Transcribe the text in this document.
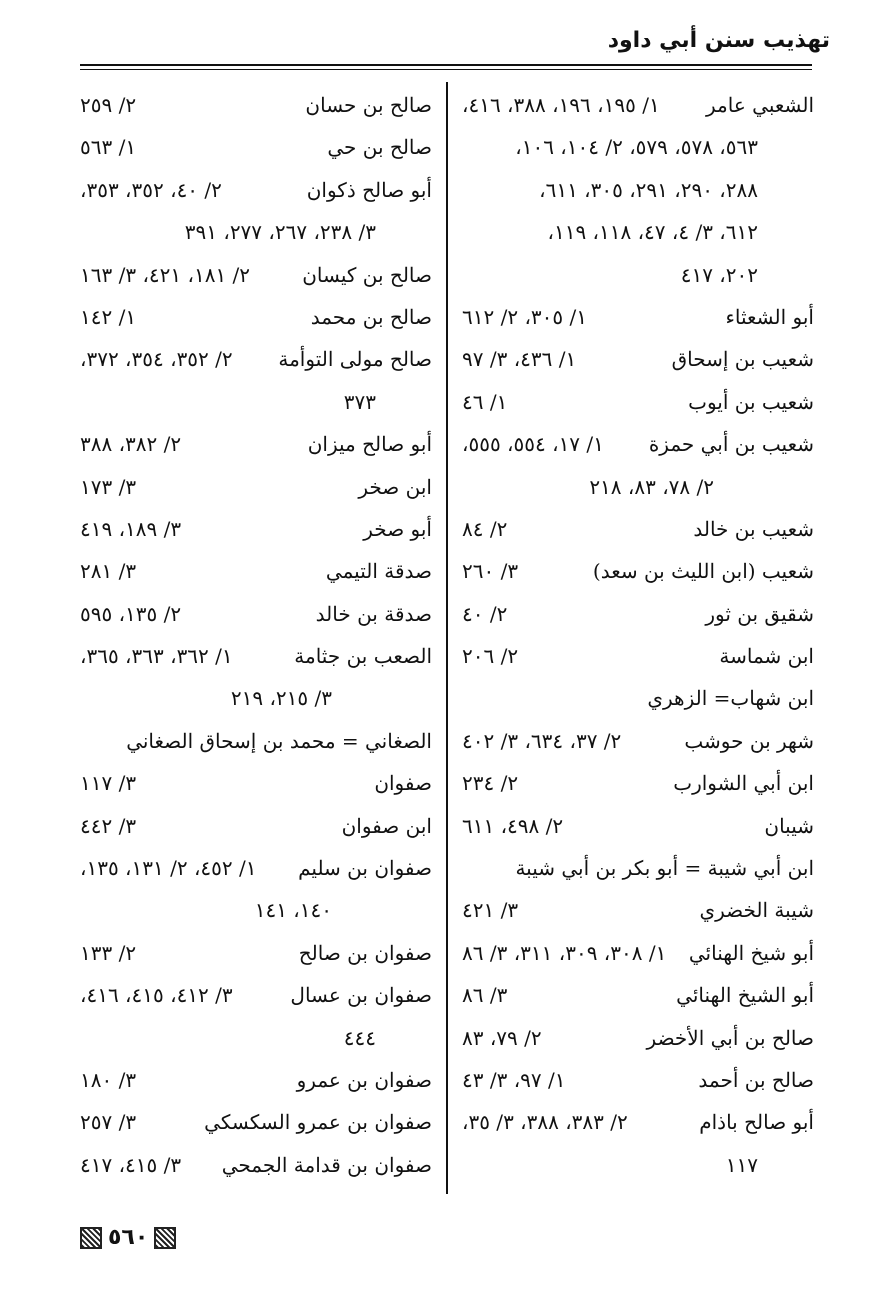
تهذيب سنن أبي داود
الشعبي عامر
١/ ١٩٥، ١٩٦، ٣٨٨، ٤١٦،
٥٦٣، ٥٧٨، ٥٧٩، ٢/ ١٠٤، ١٠٦،
٢٨٨، ٢٩٠، ٢٩١، ٣٠٥، ٦١١،
٦١٢، ٣/ ٤، ٤٧، ١١٨، ١١٩،
٢٠٢، ٤١٧
أبو الشعثاء
١/ ٣٠٥، ٢/ ٦١٢
شعيب بن إسحاق
١/ ٤٣٦، ٣/ ٩٧
شعيب بن أيوب
١/ ٤٦
شعيب بن أبي حمزة
١/ ١٧، ٥٥٤، ٥٥٥،
٢/ ٧٨، ٨٣، ٢١٨
شعيب بن خالد
٢/ ٨٤
شعيب (ابن الليث بن سعد)
٣/ ٢٦٠
شقيق بن ثور
٢/ ٤٠
ابن شماسة
٢/ ٢٠٦
ابن شهاب= الزهري
شهر بن حوشب
٢/ ٣٧، ٦٣٤، ٣/ ٤٠٢
ابن أبي الشوارب
٢/ ٢٣٤
شيبان
٢/ ٤٩٨، ٦١١
ابن أبي شيبة = أبو بكر بن أبي شيبة
شيبة الخضري
٣/ ٤٢١
أبو شيخ الهنائي
١/ ٣٠٨، ٣٠٩، ٣١١، ٣/ ٨٦
أبو الشيخ الهنائي
٣/ ٨٦
صالح بن أبي الأخضر
٢/ ٧٩، ٨٣
صالح بن أحمد
١/ ٩٧، ٣/ ٤٣
أبو صالح باذام
٢/ ٣٨٣، ٣٨٨، ٣/ ٣٥،
١١٧
صالح بن حسان
٢/ ٢٥٩
صالح بن حي
١/ ٥٦٣
أبو صالح ذكوان
٢/ ٤٠، ٣٥٢، ٣٥٣،
٣/ ٢٣٨، ٢٦٧، ٢٧٧، ٣٩١
صالح بن كيسان
٢/ ١٨١، ٤٢١، ٣/ ١٦٣
صالح بن محمد
١/ ١٤٢
صالح مولى التوأمة
٢/ ٣٥٢، ٣٥٤، ٣٧٢،
٣٧٣
أبو صالح ميزان
٢/ ٣٨٢، ٣٨٨
ابن صخر
٣/ ١٧٣
أبو صخر
٣/ ١٨٩، ٤١٩
صدقة التيمي
٣/ ٢٨١
صدقة بن خالد
٢/ ١٣٥، ٥٩٥
الصعب بن جثامة
١/ ٣٦٢، ٣٦٣، ٣٦٥،
٣/ ٢١٥، ٢١٩
الصغاني = محمد بن إسحاق الصغاني
صفوان
٣/ ١١٧
ابن صفوان
٣/ ٤٤٢
صفوان بن سليم
١/ ٤٥٢، ٢/ ١٣١، ١٣٥،
١٤٠، ١٤١
صفوان بن صالح
٢/ ١٣٣
صفوان بن عسال
٣/ ٤١٢، ٤١٥، ٤١٦،
٤٤٤
صفوان بن عمرو
٣/ ١٨٠
صفوان بن عمرو السكسكي
٣/ ٢٥٧
صفوان بن قدامة الجمحي
٣/ ٤١٥، ٤١٧
٥٦٠
